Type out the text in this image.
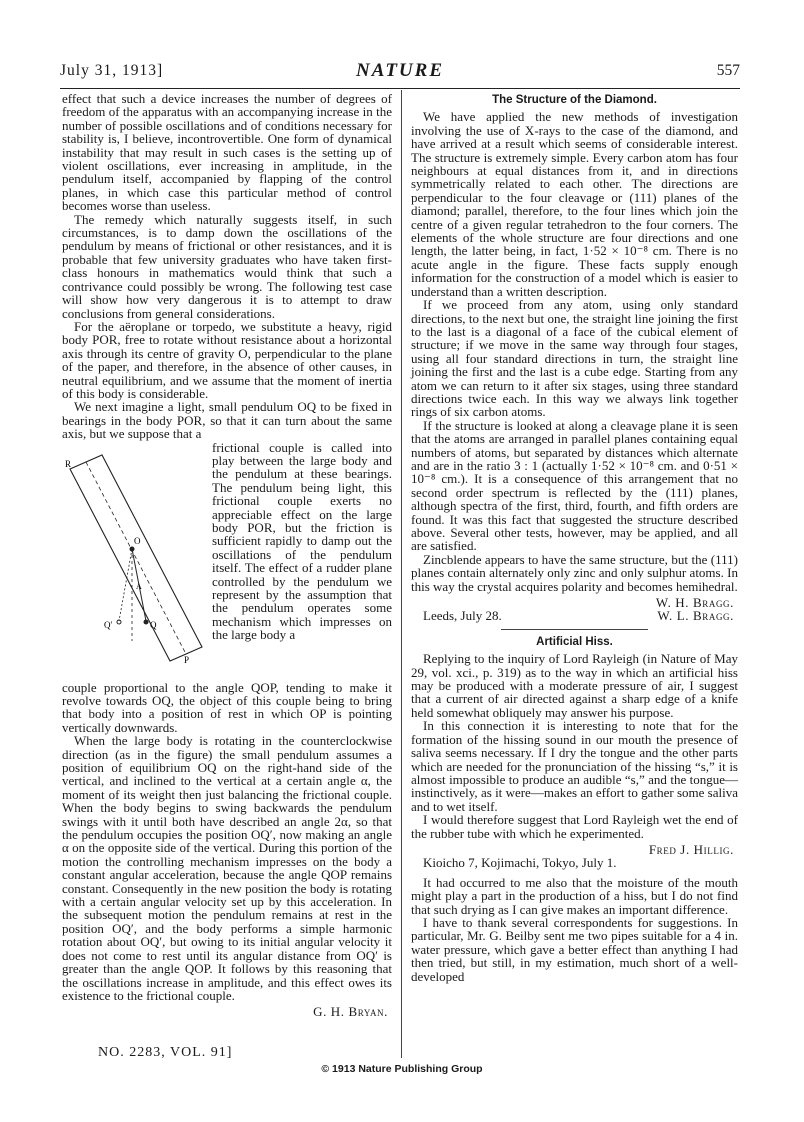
July 31, 1913]	NATURE	557

effect that such a device increases the number of degrees of freedom of the apparatus with an accompanying increase in the number of possible oscillations and of conditions necessary for stability is, I believe, incontrovertible. One form of dynamical instability that may result in such cases is the setting up of violent oscillations, ever increasing in amplitude, in the pendulum itself, accompanied by flapping of the control planes, in which case this particular method of control becomes worse than useless.

The remedy which naturally suggests itself, in such circumstances, is to damp down the oscillations of the pendulum by means of frictional or other resistances, and it is probable that few university graduates who have taken first-class honours in mathematics would think that such a contrivance could possibly be wrong. The following test case will show how very dangerous it is to attempt to draw conclusions from general considerations.

For the aëroplane or torpedo, we substitute a heavy, rigid body POR, free to rotate without resistance about a horizontal axis through its centre of gravity O, perpendicular to the plane of the paper, and therefore, in the absence of other causes, in neutral equilibrium, and we assume that the moment of inertia of this body is considerable.

We next imagine a light, small pendulum OQ to be fixed in bearings in the body POR, so that it can turn about the same axis, but we suppose that a

R
O
A
Q
Q′
P

frictional couple is called into play between the large body and the pendulum at these bearings. The pendulum being light, this frictional couple exerts no appreciable effect on the large body POR, but the friction is sufficient rapidly to damp out the oscillations of the pendulum itself. The effect of a rudder plane controlled by the pendulum we represent by the assumption that the pendulum operates some mechanism which impresses on the large body a

couple proportional to the angle QOP, tending to make it revolve towards OQ, the object of this couple being to bring that body into a position of rest in which OP is pointing vertically downwards.

When the large body is rotating in the counterclockwise direction (as in the figure) the small pendulum assumes a position of equilibrium OQ on the right-hand side of the vertical, and inclined to the vertical at a certain angle α, the moment of its weight then just balancing the frictional couple. When the body begins to swing backwards the pendulum swings with it until both have described an angle 2α, so that the pendulum occupies the position OQ′, now making an angle α on the opposite side of the vertical. During this portion of the motion the controlling mechanism impresses on the body a constant angular acceleration, because the angle QOP remains constant. Consequently in the new position the body is rotating with a certain angular velocity set up by this acceleration. In the subsequent motion the pendulum remains at rest in the position OQ′, and the body performs a simple harmonic rotation about OQ′, but owing to its initial angular velocity it does not come to rest until its angular distance from OQ′ is greater than the angle QOP. It follows by this reasoning that the oscillations increase in amplitude, and this effect owes its existence to the frictional couple.

G. H. Bryan.
The Structure of the Diamond.

We have applied the new methods of investigation involving the use of X-rays to the case of the diamond, and have arrived at a result which seems of considerable interest. The structure is extremely simple. Every carbon atom has four neighbours at equal distances from it, and in directions symmetrically related to each other. The directions are perpendicular to the four cleavage or (111) planes of the diamond; parallel, therefore, to the four lines which join the centre of a given regular tetrahedron to the four corners. The elements of the whole structure are four directions and one length, the latter being, in fact, 1·52 × 10⁻⁸ cm. There is no acute angle in the figure. These facts supply enough information for the construction of a model which is easier to understand than a written description.

If we proceed from any atom, using only standard directions, to the next but one, the straight line joining the first to the last is a diagonal of a face of the cubical element of structure; if we move in the same way through four stages, using all four standard directions in turn, the straight line joining the first and the last is a cube edge. Starting from any atom we can return to it after six stages, using three standard directions twice each. In this way we always link together rings of six carbon atoms.

If the structure is looked at along a cleavage plane it is seen that the atoms are arranged in parallel planes containing equal numbers of atoms, but separated by distances which alternate and are in the ratio 3 : 1 (actually 1·52 × 10⁻⁸ cm. and 0·51 × 10⁻⁸ cm.). It is a consequence of this arrangement that no second order spectrum is reflected by the (111) planes, although spectra of the first, third, fourth, and fifth orders are found. It was this fact that suggested the structure described above. Several other tests, however, may be applied, and all are satisfied.

Zincblende appears to have the same structure, but the (111) planes contain alternately only zinc and only sulphur atoms. In this way the crystal acquires polarity and becomes hemihedral.

W. H. Bragg.
Leeds, July 28.	W. L. Bragg.
Artificial Hiss.

Replying to the inquiry of Lord Rayleigh (in Nature of May 29, vol. xci., p. 319) as to the way in which an artificial hiss may be produced with a moderate pressure of air, I suggest that a current of air directed against a sharp edge of a knife held somewhat obliquely may answer his purpose.

In this connection it is interesting to note that for the formation of the hissing sound in our mouth the presence of saliva seems necessary. If I dry the tongue and the other parts which are needed for the pronunciation of the hissing “s,” it is almost impossible to produce an audible “s,” and the tongue—instinctively, as it were—makes an effort to gather some saliva and to wet itself.

I would therefore suggest that Lord Rayleigh wet the end of the rubber tube with which he experimented.

Fred J. Hillig.

Kioicho 7, Kojimachi, Tokyo, July 1.

It had occurred to me also that the moisture of the mouth might play a part in the production of a hiss, but I do not find that such drying as I can give makes an important difference.

I have to thank several correspondents for suggestions. In particular, Mr. G. Beilby sent me two pipes suitable for a 4 in. water pressure, which gave a better effect than anything I had then tried, but still, in my estimation, much short of a well-developed

NO. 2283, VOL. 91]
© 1913 Nature Publishing Group
